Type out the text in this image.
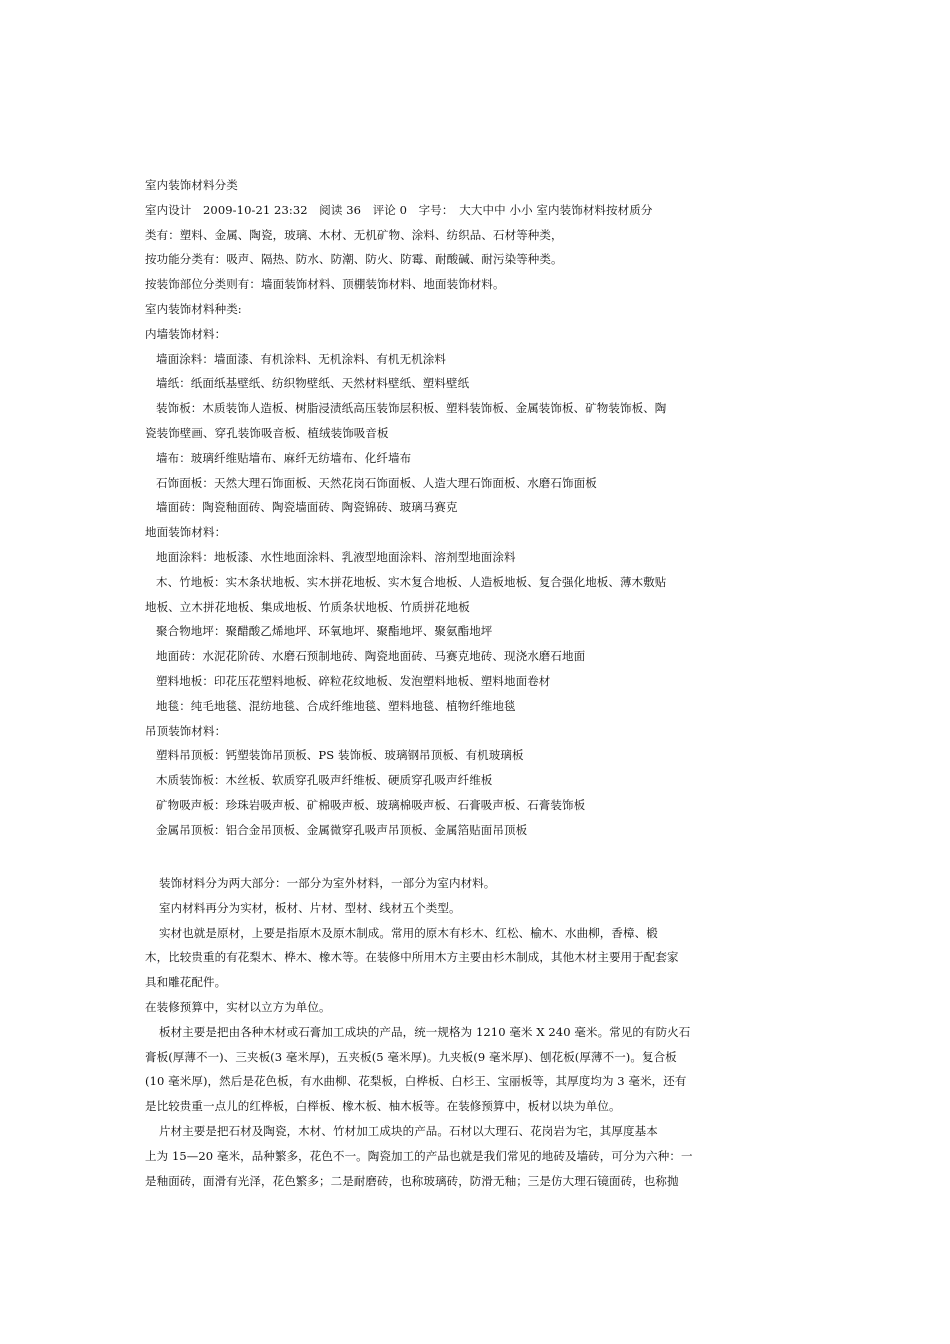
室内装饰材料分类
室内设计　2009-10-21 23:32　阅读 36　评论 0　字号：　大大中中 小小 室内装饰材料按材质分
类有：塑料、金属、陶瓷，玻璃、木材、无机矿物、涂料、纺织品、石材等种类，
按功能分类有：吸声、隔热、防水、防潮、防火、防霉、耐酸碱、耐污染等种类。
按装饰部位分类则有：墙面装饰材料、顶棚装饰材料、地面装饰材料。
室内装饰材料种类:
内墙装饰材料：
墙面涂料：墙面漆、有机涂料、无机涂料、有机无机涂料
墙纸：纸面纸基壁纸、纺织物壁纸、天然材料壁纸、塑料壁纸
装饰板：木质装饰人造板、树脂浸渍纸高压装饰层积板、塑料装饰板、金属装饰板、矿物装饰板、陶
瓷装饰壁画、穿孔装饰吸音板、植绒装饰吸音板
墙布：玻璃纤维贴墙布、麻纤无纺墙布、化纤墙布
石饰面板：天然大理石饰面板、天然花岗石饰面板、人造大理石饰面板、水磨石饰面板
墙面砖：陶瓷釉面砖、陶瓷墙面砖、陶瓷锦砖、玻璃马赛克
地面装饰材料：
地面涂料：地板漆、水性地面涂料、乳液型地面涂料、溶剂型地面涂料
木、竹地板：实木条状地板、实木拼花地板、实木复合地板、人造板地板、复合强化地板、薄木敷贴
地板、立木拼花地板、集成地板、竹质条状地板、竹质拼花地板
聚合物地坪：聚醋酸乙烯地坪、环氧地坪、聚酯地坪、聚氨酯地坪
地面砖：水泥花阶砖、水磨石预制地砖、陶瓷地面砖、马赛克地砖、现浇水磨石地面
塑料地板：印花压花塑料地板、碎粒花纹地板、发泡塑料地板、塑料地面卷材
地毯：纯毛地毯、混纺地毯、合成纤维地毯、塑料地毯、植物纤维地毯
吊顶装饰材料：
塑料吊顶板：钙塑装饰吊顶板、PS 装饰板、玻璃钢吊顶板、有机玻璃板
木质装饰板：木丝板、软质穿孔吸声纤维板、硬质穿孔吸声纤维板
矿物吸声板：珍珠岩吸声板、矿棉吸声板、玻璃棉吸声板、石膏吸声板、石膏装饰板
金属吊顶板：铝合金吊顶板、金属微穿孔吸声吊顶板、金属箔贴面吊顶板
装饰材料分为两大部分：一部分为室外材料，一部分为室内材料。
室内材料再分为实材，板材、片材、型材、线材五个类型。
实材也就是原材，上要是指原木及原木制成。常用的原木有杉木、红松、榆木、水曲柳，香樟、椴
木，比较贵重的有花梨木、桦木、橡木等。在装修中所用木方主要由杉木制成，其他木材主要用于配套家
具和雕花配件。
在装修预算中，实材以立方为单位。
板材主要是把由各种木材或石膏加工成块的产品，统一规格为 1210 毫米 X 240 毫米。常见的有防火石
膏板(厚薄不一)、三夹板(3 毫米厚)，五夹板(5 毫米厚)。九夹板(9 毫米厚)、刨花板(厚薄不一)。复合板
(10 毫米厚)，然后是花色板，有水曲柳、花梨板，白桦板、白杉王、宝丽板等，其厚度均为 3 毫米，还有
是比较贵重一点儿的红桦板，白榉板、橡木板、柚木板等。在装修预算中，板材以块为单位。
片材主要是把石材及陶瓷，木材、竹材加工成块的产品。石材以大理石、花岗岩为宅，其厚度基本
上为 15—20 毫米，品种繁多，花色不一。陶瓷加工的产品也就是我们常见的地砖及墙砖，可分为六种：一
是釉面砖，面滑有光泽，花色繁多；二是耐磨砖，也称玻璃砖，防滑无釉；三是仿大理石镜面砖，也称抛
